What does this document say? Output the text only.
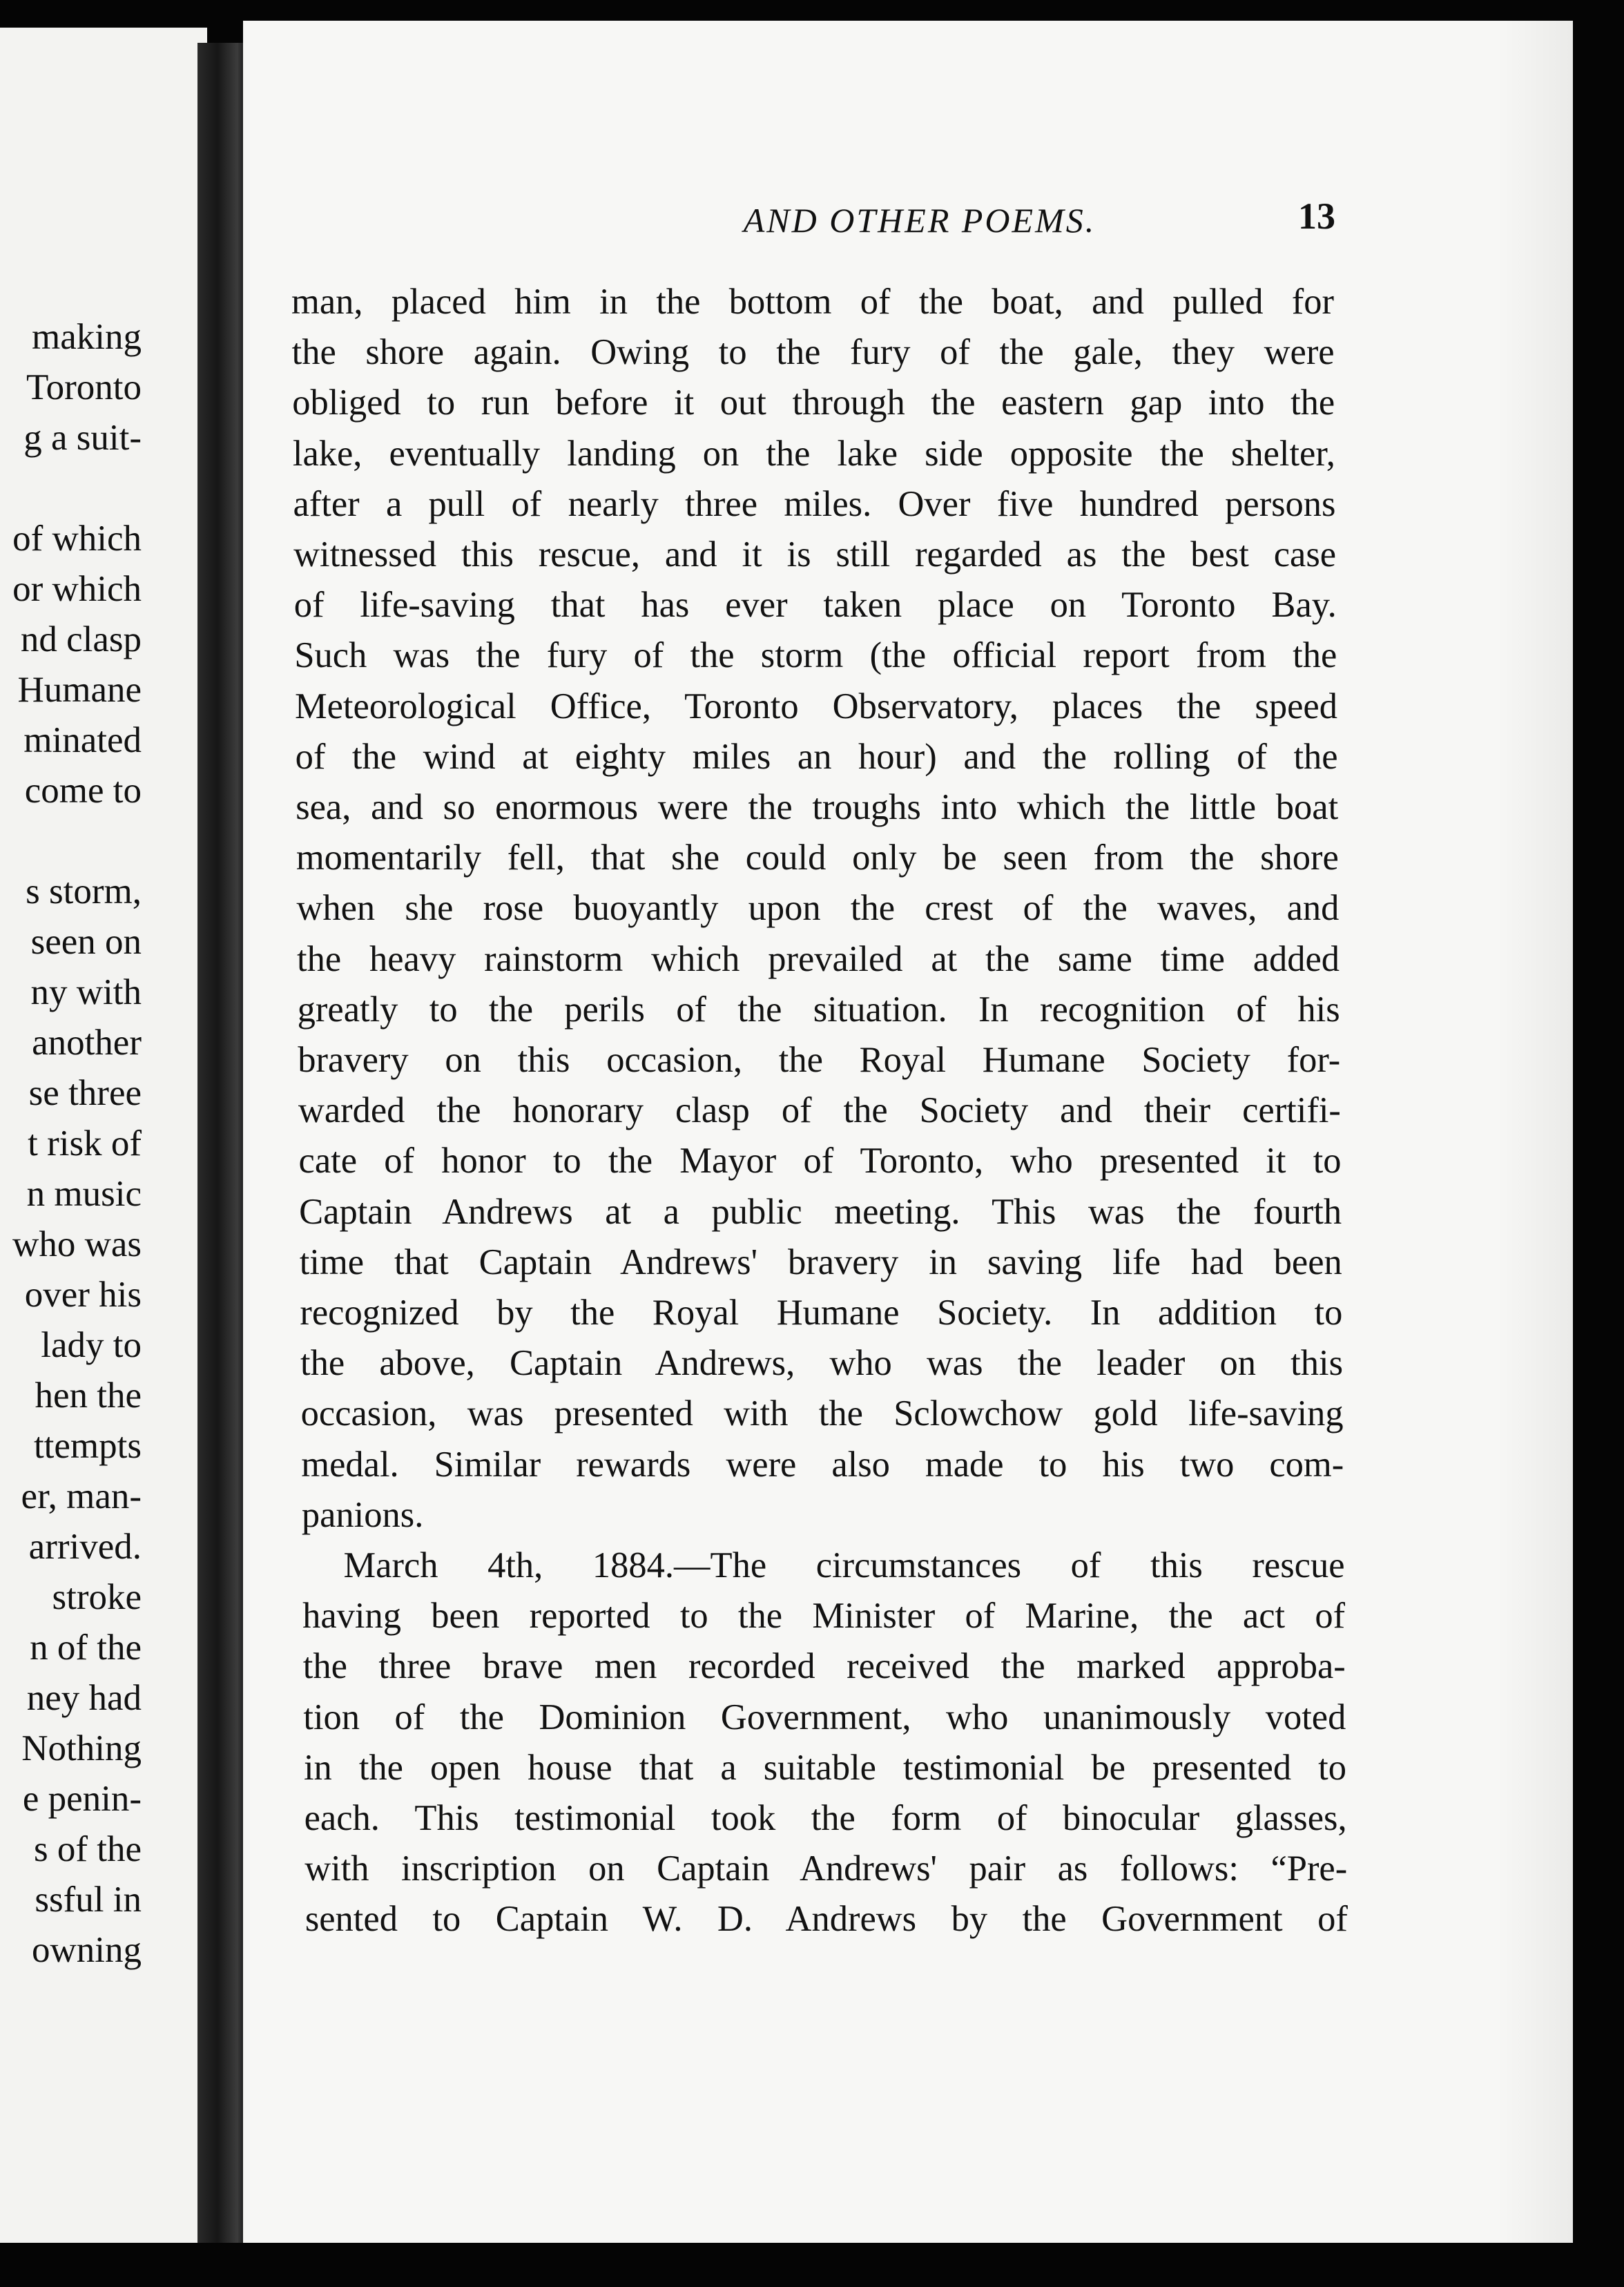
making
Toronto
g a suit-
of which
or which
nd clasp
Humane
minated
come to
s storm,
seen on
ny with
another
se three
t risk of
n music
who was
over his
lady to
hen the
ttempts
er, man-
arrived.
stroke
n of the
ney had
Nothing
e penin-
s of the
ssful in
owning
AND OTHER POEMS.	13
man, placed him in the bottom of the boat, and pulled for
the shore again. Owing to the fury of the gale, they were
obliged to run before it out through the eastern gap into the
lake, eventually landing on the lake side opposite the shelter,
after a pull of nearly three miles. Over five hundred persons
witnessed this rescue, and it is still regarded as the best case
of life-saving that has ever taken place on Toronto Bay.
Such was the fury of the storm (the official report from the
Meteorological Office, Toronto Observatory, places the speed
of the wind at eighty miles an hour) and the rolling of the
sea, and so enormous were the troughs into which the little boat
momentarily fell, that she could only be seen from the shore
when she rose buoyantly upon the crest of the waves, and
the heavy rainstorm which prevailed at the same time added
greatly to the perils of the situation. In recognition of his
bravery on this occasion, the Royal Humane Society for-
warded the honorary clasp of the Society and their certifi-
cate of honor to the Mayor of Toronto, who presented it to
Captain Andrews at a public meeting. This was the fourth
time that Captain Andrews' bravery in saving life had been
recognized by the Royal Humane Society. In addition to
the above, Captain Andrews, who was the leader on this
occasion, was presented with the Sclowchow gold life-saving
medal. Similar rewards were also made to his two com-
panions.
March 4th, 1884.—The circumstances of this rescue
having been reported to the Minister of Marine, the act of
the three brave men recorded received the marked approba-
tion of the Dominion Government, who unanimously voted
in the open house that a suitable testimonial be presented to
each. This testimonial took the form of binocular glasses,
with inscription on Captain Andrews' pair as follows: “Pre-
sented to Captain W. D. Andrews by the Government of
